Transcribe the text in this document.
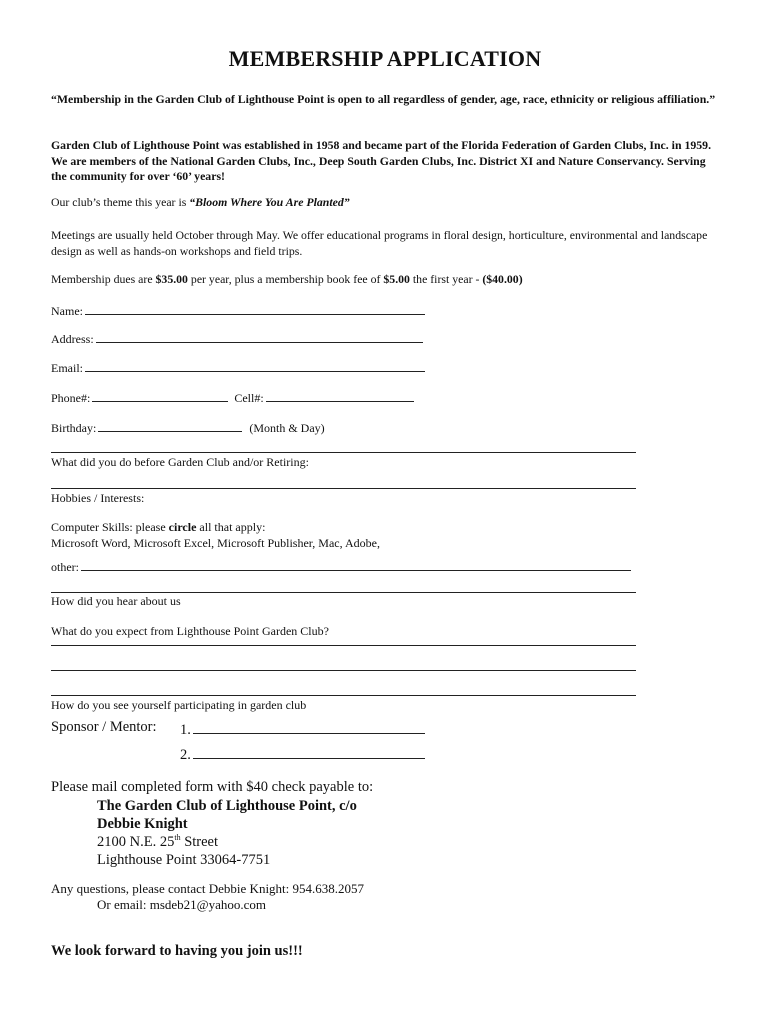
MEMBERSHIP APPLICATION
“Membership in the Garden Club of Lighthouse Point is open to all regardless of gender, age, race, ethnicity or religious affiliation.”
Garden Club of Lighthouse Point was established in 1958 and became part of the Florida Federation of Garden Clubs, Inc. in 1959. We are members of the National Garden Clubs, Inc., Deep South Garden Clubs, Inc. District XI and Nature Conservancy. Serving the community for over ‘60’ years!
Our club’s theme this year is “Bloom Where You Are Planted”
Meetings are usually held October through May. We offer educational programs in floral design, horticulture, environmental and landscape design as well as hands-on workshops and field trips.
Membership dues are $35.00 per year, plus a membership book fee of $5.00 the first year - ($40.00)
Name:
Address:
Email:
Phone#:	Cell#:
Birthday:	(Month & Day)
What did you do before Garden Club and/or Retiring:
Hobbies / Interests:
Computer Skills: please circle all that apply:
Microsoft Word, Microsoft Excel, Microsoft Publisher, Mac, Adobe,
other:
How did you hear about us
What do you expect from Lighthouse Point Garden Club?
How do you see yourself participating in garden club
Sponsor / Mentor: 1.
2.
Please mail completed form with $40 check payable to:
The Garden Club of Lighthouse Point, c/o
Debbie Knight
2100 N.E. 25th Street
Lighthouse Point 33064-7751
Any questions, please contact Debbie Knight: 954.638.2057
Or email: msdeb21@yahoo.com
We look forward to having you join us!!!
